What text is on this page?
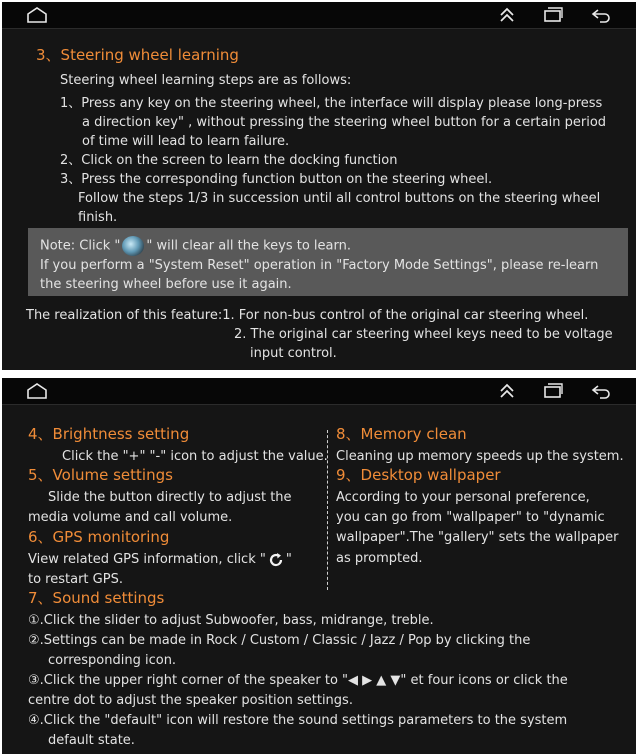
3、Steering wheel learning
Steering wheel learning steps are as follows:
1、Press any key on the steering wheel, the interface will display please long-press
a direction key" , without pressing the steering wheel button for a certain period
of time will lead to learn failure.
2、Click on the screen to learn the docking function
3、Press the corresponding function button on the steering wheel.
Follow the steps 1/3 in succession until all control buttons on the steering wheel
finish.
Note: Click " " will clear all the keys to learn.
If you perform a "System Reset" operation in "Factory Mode Settings", please re-learn
the steering wheel before use it again.
The realization of this feature:1. For non-bus control of the original car steering wheel.
2. The original car steering wheel keys need to be voltage
input control.
4、Brightness setting
Click the "+" "-" icon to adjust the value.
5、Volume settings
Slide the button directly to adjust the
media volume and call volume.
6、GPS monitoring
View related GPS information, click " "
to restart GPS.
8、Memory clean
Cleaning up memory speeds up the system.
9、Desktop wallpaper
According to your personal preference,
you can go from "wallpaper" to "dynamic
wallpaper".The "gallery" sets the wallpaper
as prompted.
7、Sound settings
①.Click the slider to adjust Subwoofer, bass, midrange, treble.
②.Settings can be made in Rock / Custom / Classic / Jazz / Pop by clicking the
corresponding icon.
③.Click the upper right corner of the speaker to "◀ ▶ ▲ ▼" et four icons or click the
centre dot to adjust the speaker position settings.
④.Click the "default" icon will restore the sound settings parameters to the system
default state.
